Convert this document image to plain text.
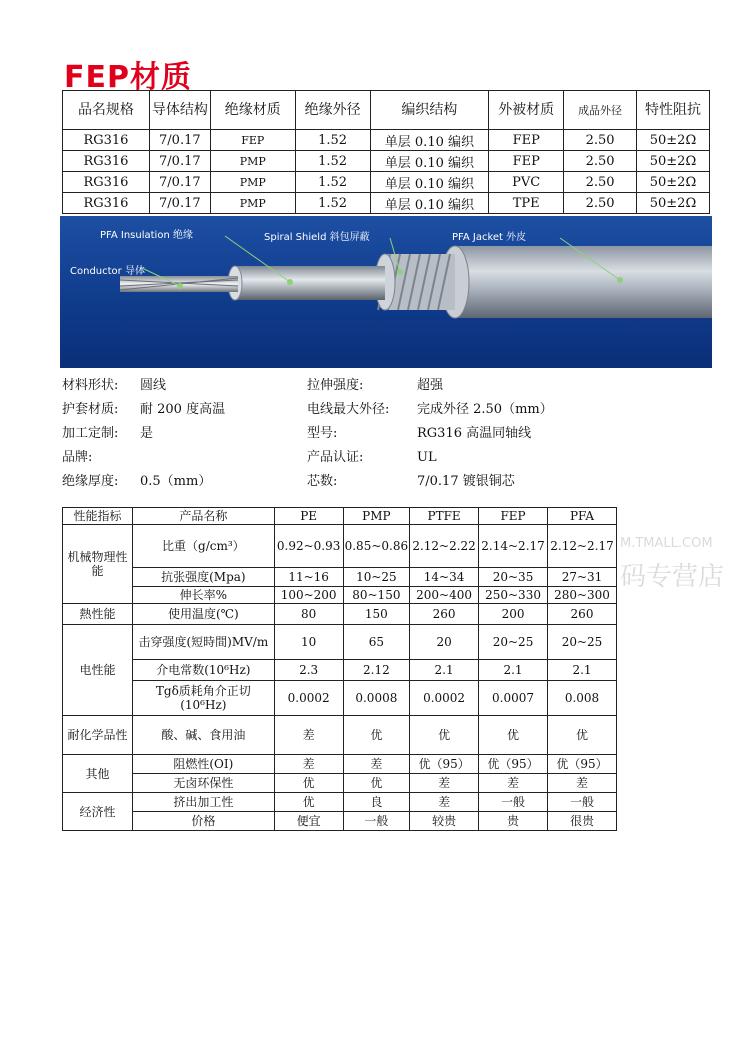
FEP材质
品名规格	导体结构	绝缘材质	绝缘外径	编织结构	外被材质	成品外径	特性阻抗
RG316	7/0.17	FEP	1.52	单层 0.10 编织	FEP	2.50	50±2Ω
RG316	7/0.17	PMP	1.52	单层 0.10 编织	FEP	2.50	50±2Ω
RG316	7/0.17	PMP	1.52	单层 0.10 编织	PVC	2.50	50±2Ω
RG316	7/0.17	PMP	1.52	单层 0.10 编织	TPE	2.50	50±2Ω
PFA Insulation 绝缘	Spiral Shield 斜包屏蔽	PFA Jacket 外皮
Conductor 导体
材料形状: 圆线	拉伸强度:	超强
护套材质: 耐 200 度高温	电线最大外径: 完成外径 2.50（mm）
加工定制: 是	型号:	RG316 高温同轴线
品牌:	产品认证:	UL
绝缘厚度: 0.5（mm）	芯数:	7/0.17 镀银铜芯
性能指标	产品名称	PE	PMP	PTFE	FEP	PFA
机械物理性能	比重（g/cm³）	0.92~0.93	0.85~0.86	2.12~2.22	2.14~2.17	2.12~2.17
	抗张强度(Mpa)	11~16	10~25	14~34	20~35	27~31
	伸长率%	100~200	80~150	200~400	250~330	280~300
熱性能	使用温度(℃)	80	150	260	200	260
电性能	击穿强度(短時間)MV/m	10	65	20	20~25	20~25
	介电常数(10⁶Hz)	2.3	2.12	2.1	2.1	2.1
	Tgδ质耗角介正切(10⁶Hz)	0.0002	0.0008	0.0002	0.0007	0.008
耐化学品性	酸、碱、食用油	差	优	优	优	优
其他	阻燃性(OI)	差	差	优（95）	优（95）	优（95）
	无卤环保性	优	优	差	差	差
经济性	挤出加工性	优	良	差	一般	一般
	价格	便宜	一般	较贵	贵	很贵
M.TMALL.COM
码专营店
